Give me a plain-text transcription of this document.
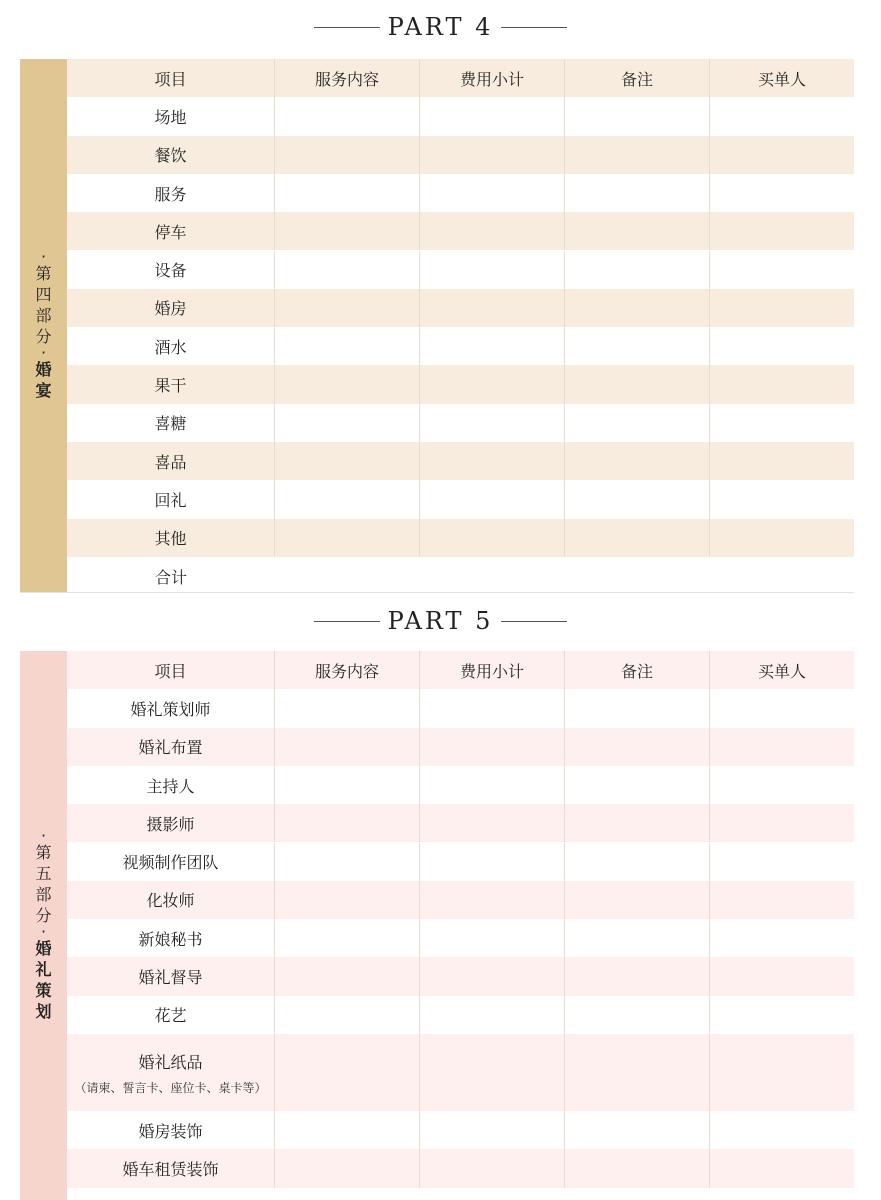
PART 4
·
第
四
部
分
·
婚
宴
项目	服务内容	费用小计	备注	买单人
场地
餐饮
服务
停车
设备
婚房
酒水
果干
喜糖
喜品
回礼
其他
合计
PART 5
·
第
五
部
分
·
婚
礼
策
划
项目	服务内容	费用小计	备注	买单人
婚礼策划师
婚礼布置
主持人
摄影师
视频制作团队
化妆师
新娘秘书
婚礼督导
花艺
婚礼纸品
（请柬、誓言卡、座位卡、桌卡等）
婚房装饰
婚车租赁装饰
